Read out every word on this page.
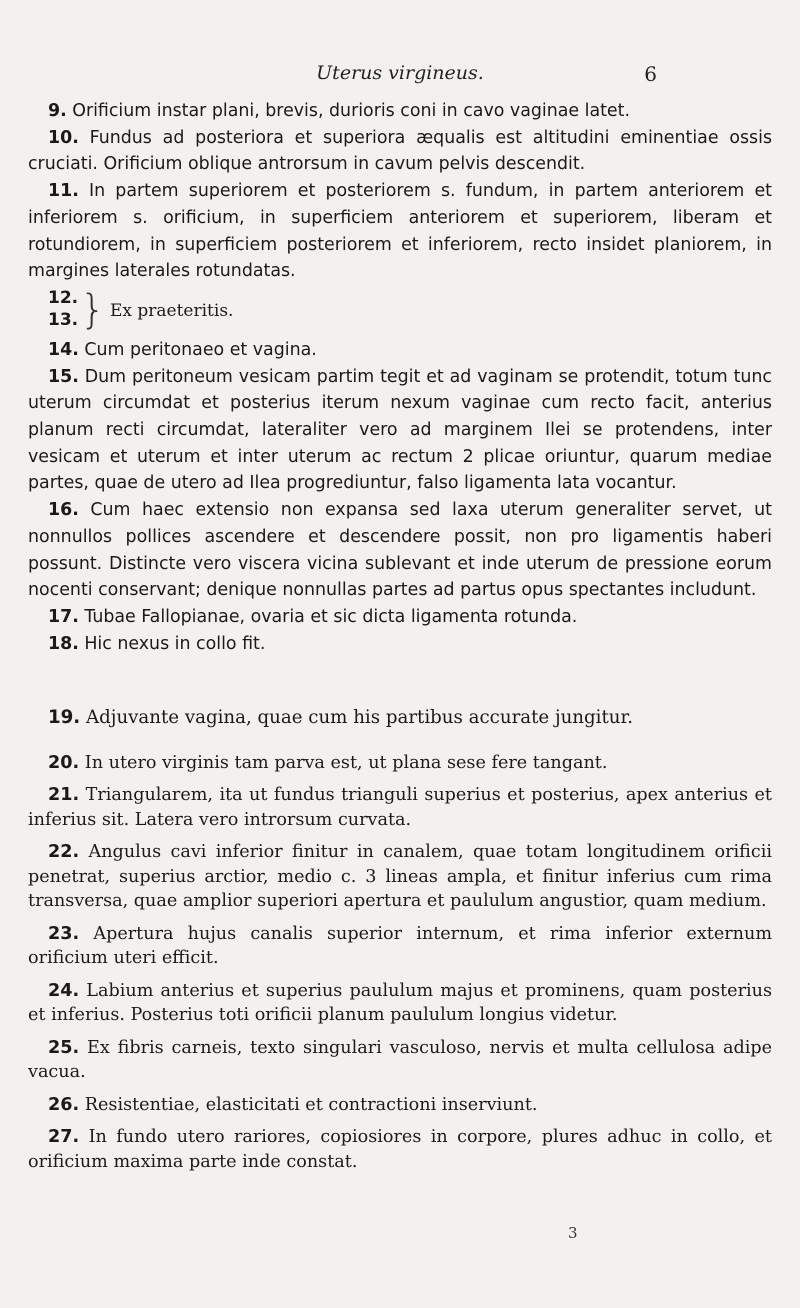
Uterus virgineus.	6

9. Orificium instar plani, brevis, durioris coni in cavo vaginae latet.

10. Fundus ad posteriora et superiora æqualis est altitudini eminentiae ossis cruciati. Orificium oblique antrorsum in cavum pelvis descendit.

11. In partem superiorem et posteriorem s. fundum, in partem anteriorem et inferiorem s. orificium, in superficiem anteriorem et superiorem, liberam et rotundiorem, in superficiem posteriorem et inferiorem, recto insidet planiorem, in margines laterales rotundatas.

12.
13. } Ex praeteritis.

14. Cum peritonaeo et vagina.

15. Dum peritoneum vesicam partim tegit et ad vaginam se protendit, totum tunc uterum circumdat et posterius iterum nexum vaginae cum recto facit, anterius planum recti circumdat, lateraliter vero ad marginem Ilei se protendens, inter vesicam et uterum et inter uterum ac rectum 2 plicae oriuntur, quarum mediae partes, quae de utero ad Ilea progrediuntur, falso ligamenta lata vocantur.

16. Cum haec extensio non expansa sed laxa uterum generaliter servet, ut nonnullos pollices ascendere et descendere possit, non pro ligamentis haberi possunt. Distincte vero viscera vicina sublevant et inde uterum de pressione eorum nocenti conservant; denique nonnullas partes ad partus opus spectantes includunt.

17. Tubae Fallopianae, ovaria et sic dicta ligamenta rotunda.

18. Hic nexus in collo fit.

19. Adjuvante vagina, quae cum his partibus accurate jungitur.

20. In utero virginis tam parva est, ut plana sese fere tangant.

21. Triangularem, ita ut fundus trianguli superius et posterius, apex anterius et inferius sit. Latera vero introrsum curvata.

22. Angulus cavi inferior finitur in canalem, quae totam longitudinem orificii penetrat, superius arctior, medio c. 3 lineas ampla, et finitur inferius cum rima transversa, quae amplior superiori apertura et paululum angustior, quam medium.

23. Apertura hujus canalis superior internum, et rima inferior externum orificium uteri efficit.

24. Labium anterius et superius paululum majus et prominens, quam posterius et inferius. Posterius toti orificii planum paululum longius videtur.

25. Ex fibris carneis, texto singulari vasculoso, nervis et multa cellulosa adipe vacua.

26. Resistentiae, elasticitati et contractioni inserviunt.

27. In fundo utero rariores, copiosiores in corpore, plures adhuc in collo, et orificium maxima parte inde constat.

3
